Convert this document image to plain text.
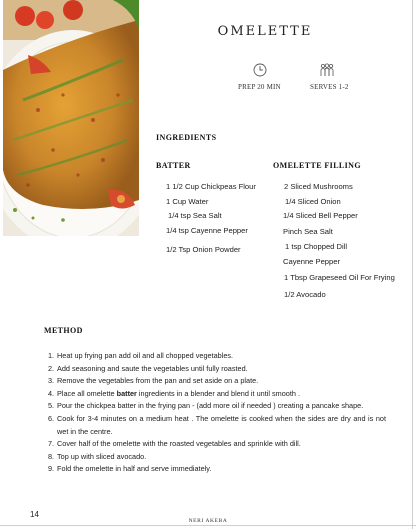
OMELETTE
PREP 20 MIN	SERVES 1-2
INGREDIENTS
BATTER	OMELETTE FILLING
1 1/2 Cup Chickpeas Flour
1 Cup Water
1/4 tsp Sea Salt
1/4 tsp Cayenne Pepper
1/2 Tsp Onion Powder
2 Sliced Mushrooms
1/4 Sliced Onion
1/4 Sliced Bell Pepper
Pinch Sea Salt
1 tsp Chopped Dill
Cayenne Pepper
1 Tbsp Grapeseed Oil For Frying
1/2 Avocado
METHOD
1. Heat up frying pan add oil and all chopped vegetables.
2. Add seasoning and saute the vegetables until fully roasted.
3. Remove the vegetables from the pan and set aside on a plate.
4. Place all omelette batter ingredients in a blender and blend it until smooth .
5. Pour the chickpea batter in the frying pan - (add more oil if needed ) creating a pancake shape.
6. Cook for 3-4 minutes on a medium heat . The omelette is cooked when the sides are dry and is not wet in the centre.
7. Cover half of the omelette with the roasted vegetables and sprinkle with dill.
8. Top up with sliced avocado.
9. Fold the omelette in half and serve immediately.
14
NERI AKEBA
